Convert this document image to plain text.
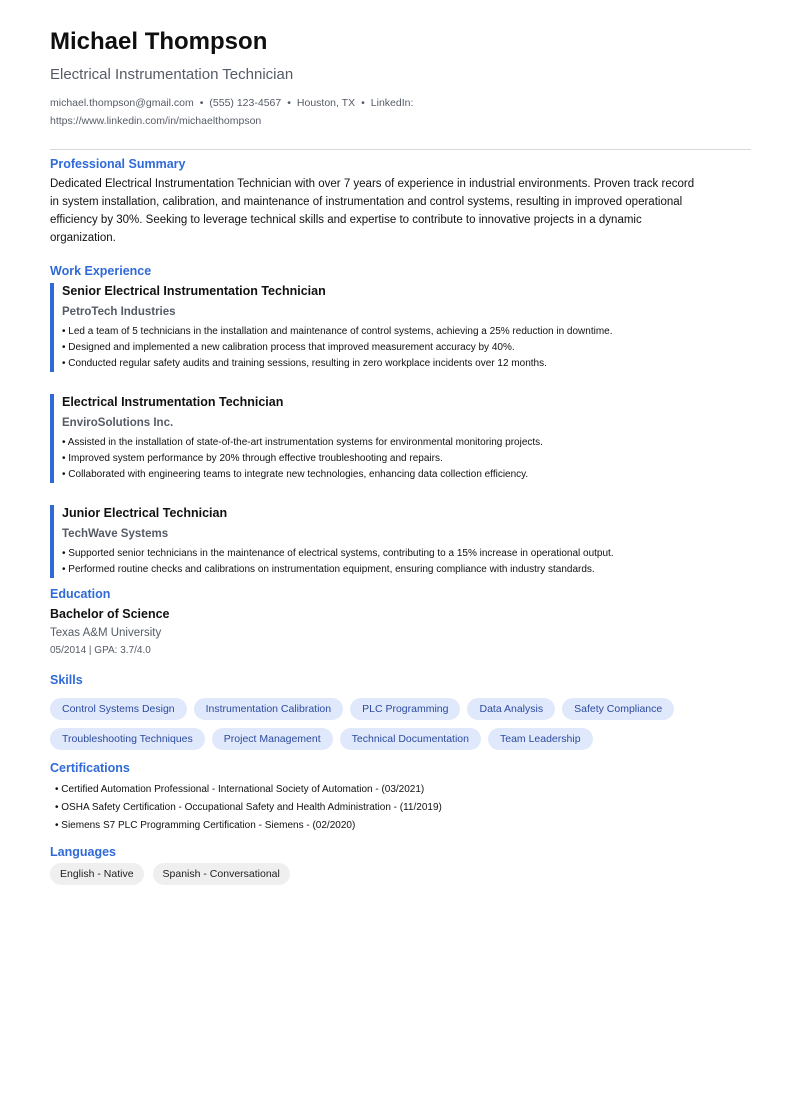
Michael Thompson
Electrical Instrumentation Technician
michael.thompson@gmail.com • (555) 123-4567 • Houston, TX • LinkedIn: https://www.linkedin.com/in/michaelthompson
Professional Summary
Dedicated Electrical Instrumentation Technician with over 7 years of experience in industrial environments. Proven track record in system installation, calibration, and maintenance of instrumentation and control systems, resulting in improved operational efficiency by 30%. Seeking to leverage technical skills and expertise to contribute to innovative projects in a dynamic organization.
Work Experience
Senior Electrical Instrumentation Technician
PetroTech Industries
• Led a team of 5 technicians in the installation and maintenance of control systems, achieving a 25% reduction in downtime.
• Designed and implemented a new calibration process that improved measurement accuracy by 40%.
• Conducted regular safety audits and training sessions, resulting in zero workplace incidents over 12 months.
Electrical Instrumentation Technician
EnviroSolutions Inc.
• Assisted in the installation of state-of-the-art instrumentation systems for environmental monitoring projects.
• Improved system performance by 20% through effective troubleshooting and repairs.
• Collaborated with engineering teams to integrate new technologies, enhancing data collection efficiency.
Junior Electrical Technician
TechWave Systems
• Supported senior technicians in the maintenance of electrical systems, contributing to a 15% increase in operational output.
• Performed routine checks and calibrations on instrumentation equipment, ensuring compliance with industry standards.
Education
Bachelor of Science
Texas A&M University
05/2014 | GPA: 3.7/4.0
Skills
Control Systems Design	Instrumentation Calibration	PLC Programming	Data Analysis	Safety Compliance
Troubleshooting Techniques	Project Management	Technical Documentation	Team Leadership
Certifications
• Certified Automation Professional - International Society of Automation - (03/2021)
• OSHA Safety Certification - Occupational Safety and Health Administration - (11/2019)
• Siemens S7 PLC Programming Certification - Siemens - (02/2020)
Languages
English - Native	Spanish - Conversational
